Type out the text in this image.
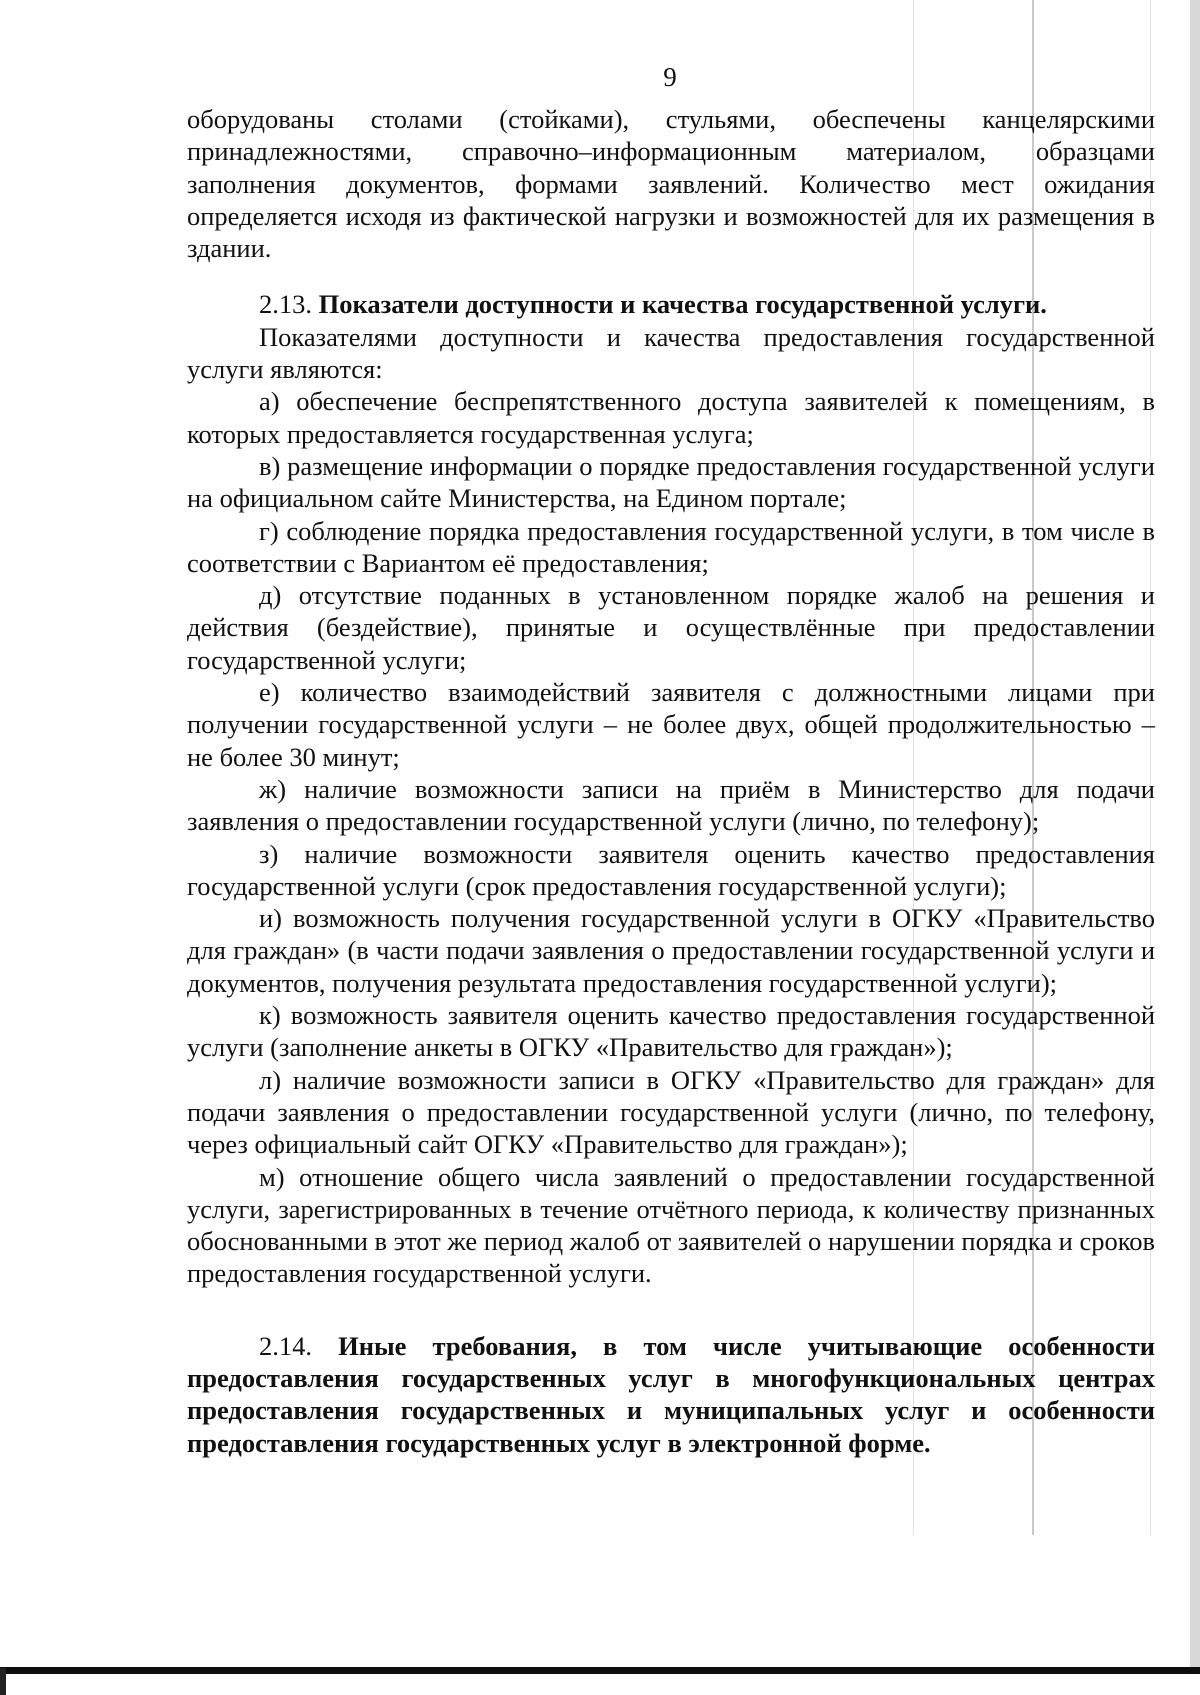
9

оборудованы столами (стойками), стульями, обеспечены канцелярскими принадлежностями, справочно–информационным материалом, образцами заполнения документов, формами заявлений. Количество мест ожидания определяется исходя из фактической нагрузки и возможностей для их размещения в здании.

2.13. Показатели доступности и качества государственной услуги.

Показателями доступности и качества предоставления государственной услуги являются:

а) обеспечение беспрепятственного доступа заявителей к помещениям, в которых предоставляется государственная услуга;

в) размещение информации о порядке предоставления государственной услуги на официальном сайте Министерства, на Едином портале;

г) соблюдение порядка предоставления государственной услуги, в том числе в соответствии с Вариантом её предоставления;

д) отсутствие поданных в установленном порядке жалоб на решения и действия (бездействие), принятые и осуществлённые при предоставлении государственной услуги;

е) количество взаимодействий заявителя с должностными лицами при получении государственной услуги – не более двух, общей продолжительностью – не более 30 минут;

ж) наличие возможности записи на приём в Министерство для подачи заявления о предоставлении государственной услуги (лично, по телефону);

з) наличие возможности заявителя оценить качество предоставления государственной услуги (срок предоставления государственной услуги);

и) возможность получения государственной услуги в ОГКУ «Правительство для граждан» (в части подачи заявления о предоставлении государственной услуги и документов, получения результата предоставления государственной услуги);

к) возможность заявителя оценить качество предоставления государственной услуги (заполнение анкеты в ОГКУ «Правительство для граждан»);

л) наличие возможности записи в ОГКУ «Правительство для граждан» для подачи заявления о предоставлении государственной услуги (лично, по телефону, через официальный сайт ОГКУ «Правительство для граждан»);

м) отношение общего числа заявлений о предоставлении государственной услуги, зарегистрированных в течение отчётного периода, к количеству признанных обоснованными в этот же период жалоб от заявителей о нарушении порядка и сроков предоставления государственной услуги.

2.14. Иные требования, в том числе учитывающие особенности предоставления государственных услуг в многофункциональных центрах предоставления государственных и муниципальных услуг и особенности предоставления государственных услуг в электронной форме.
